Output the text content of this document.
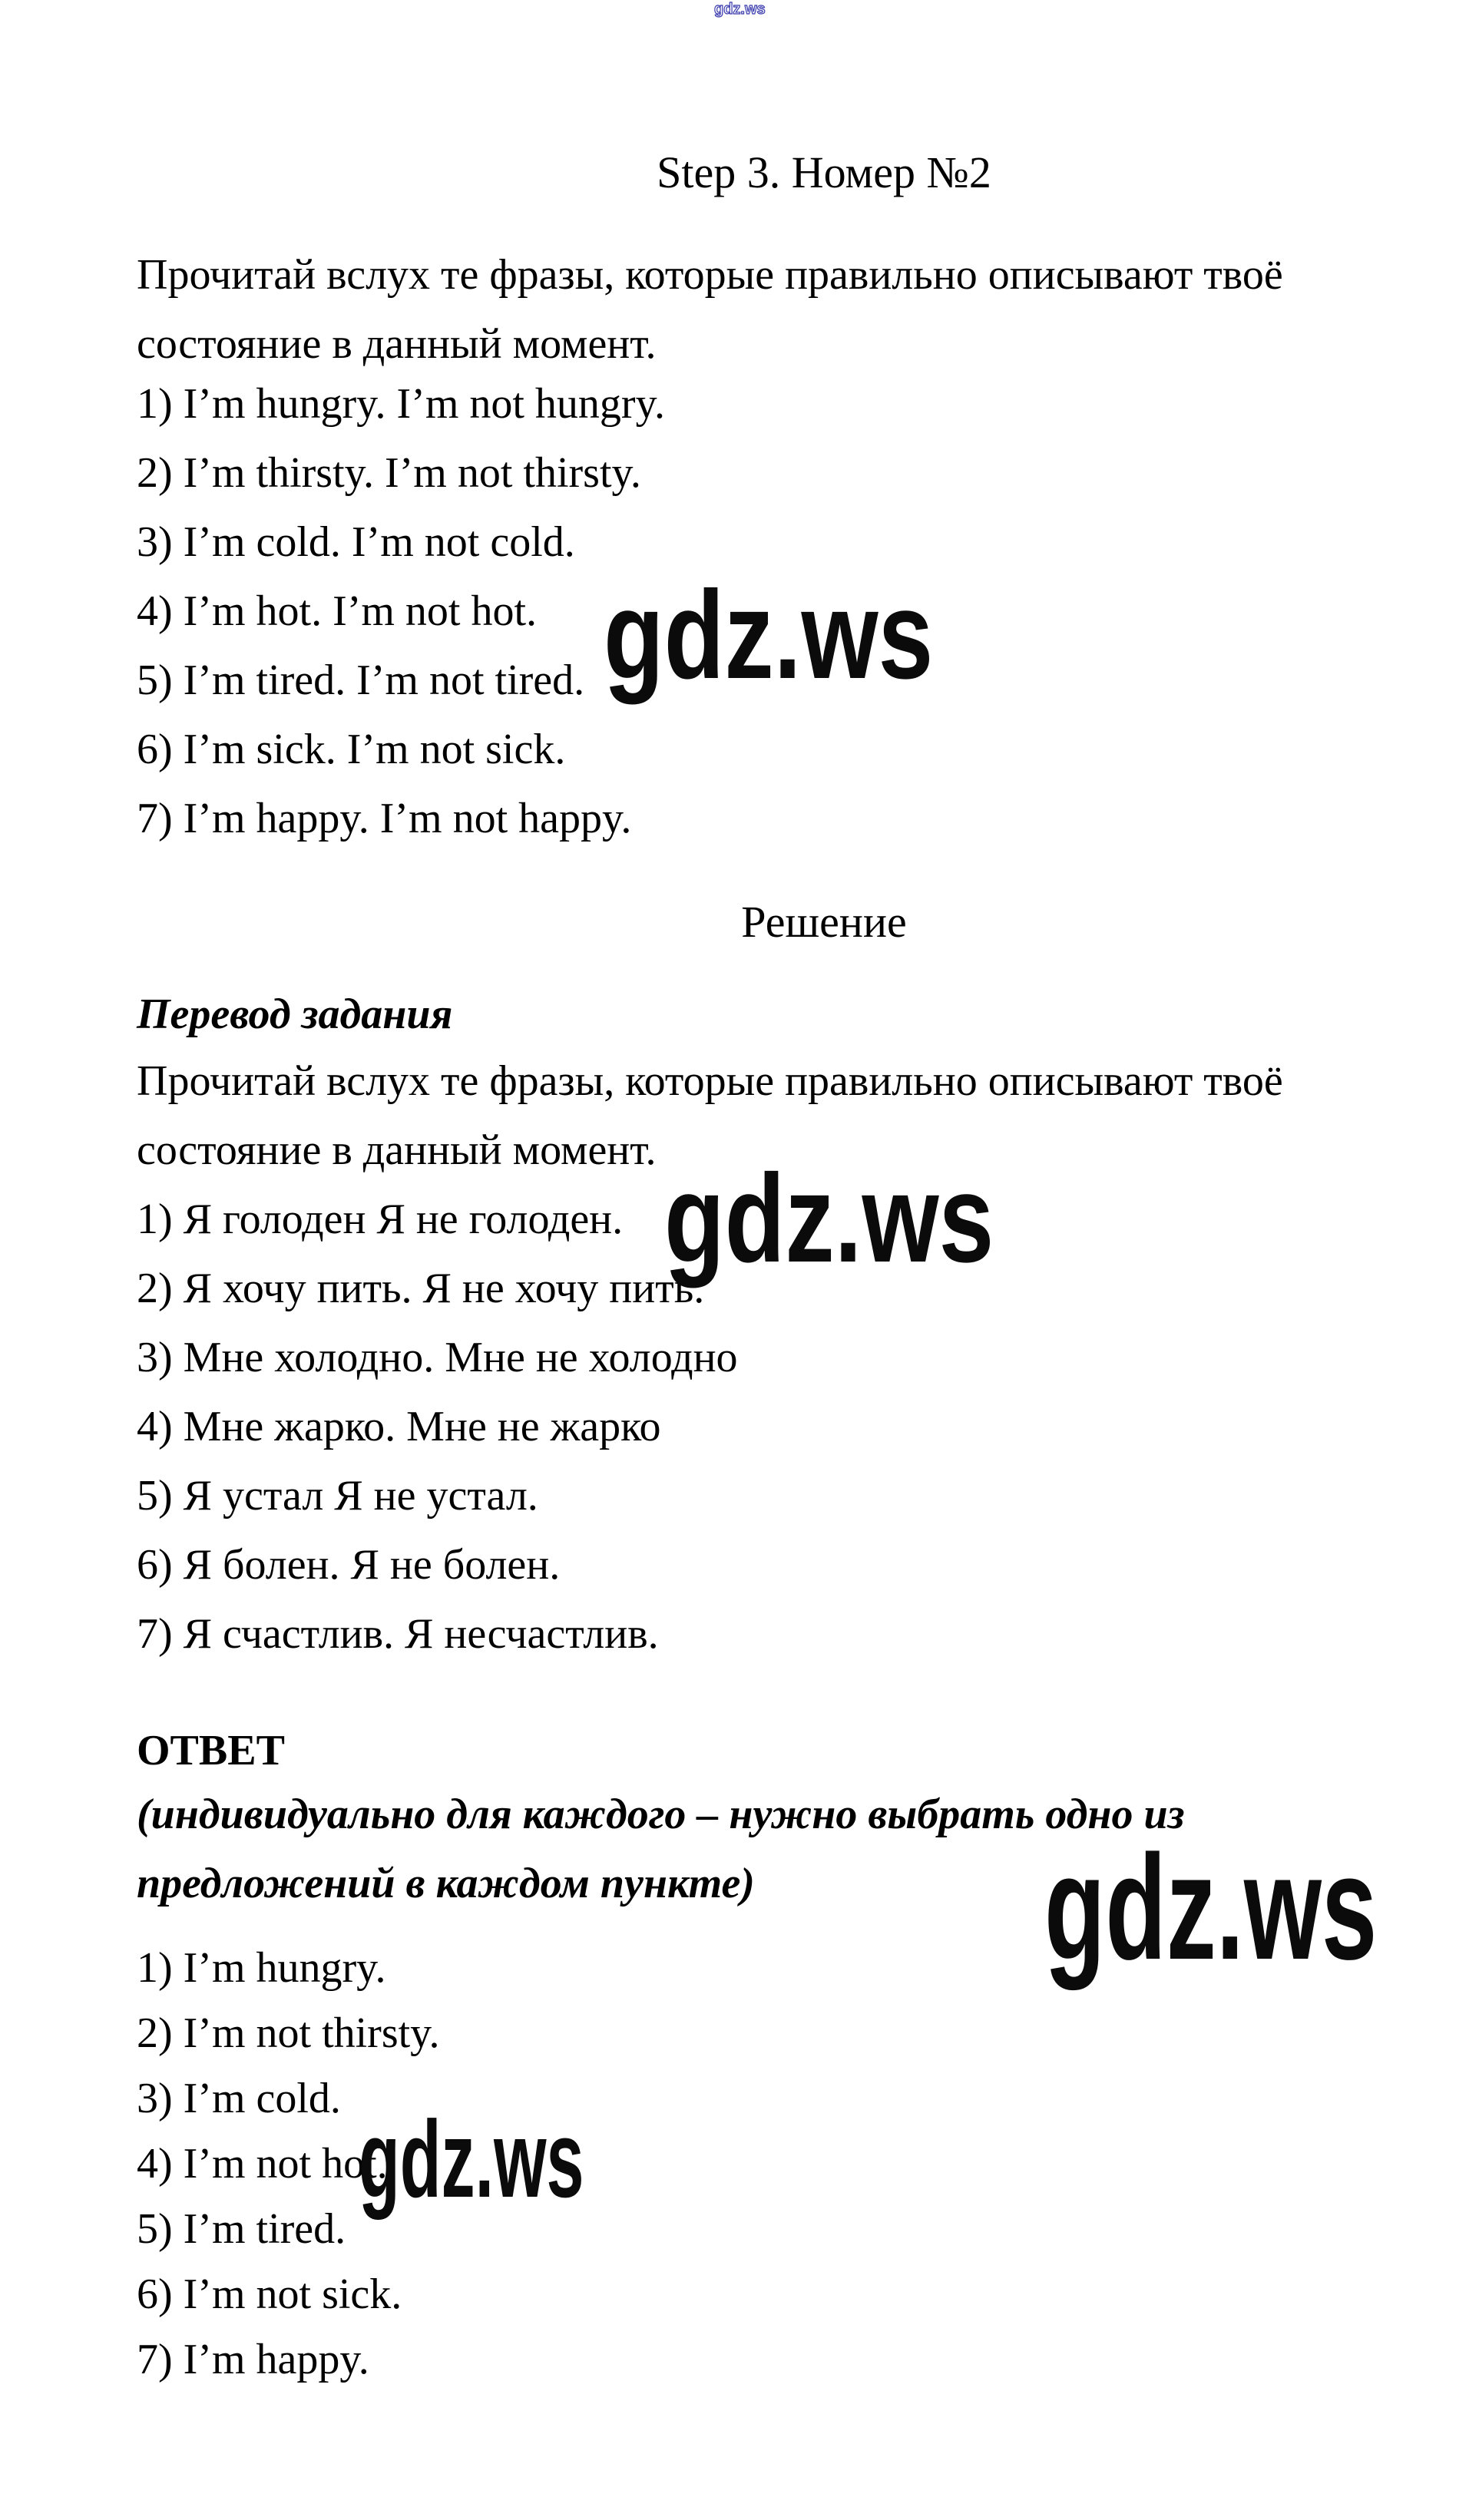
gdz.ws
Step 3. Номер №2
Прочитай вслух те фразы, которые правильно описывают твоё
состояние в данный момент.
1) I’m hungry. I’m not hungry.
2) I’m thirsty. I’m not thirsty.
3) I’m cold. I’m not cold.
4) I’m hot. I’m not hot.
5) I’m tired. I’m not tired.
6) I’m sick. I’m not sick.
7) I’m happy. I’m not happy.
gdz.ws
Решение
Перевод задания
Прочитай вслух те фразы, которые правильно описывают твоё
состояние в данный момент.
1) Я голоден Я не голоден.
2) Я хочу пить. Я не хочу пить.
3) Мне холодно. Мне не холодно
4) Мне жарко. Мне не жарко
5) Я устал Я не устал.
6) Я болен. Я не болен.
7) Я счастлив. Я несчастлив.
gdz.ws
ОТВЕТ
(индивидуально для каждого – нужно выбрать одно из
предложений в каждом пункте) gdz.ws
1) I’m hungry.
2) I’m not thirsty.
3) I’m cold.
4) I’m not hot.
5) I’m tired.
6) I’m not sick.
7) I’m happy.
gdz.ws
